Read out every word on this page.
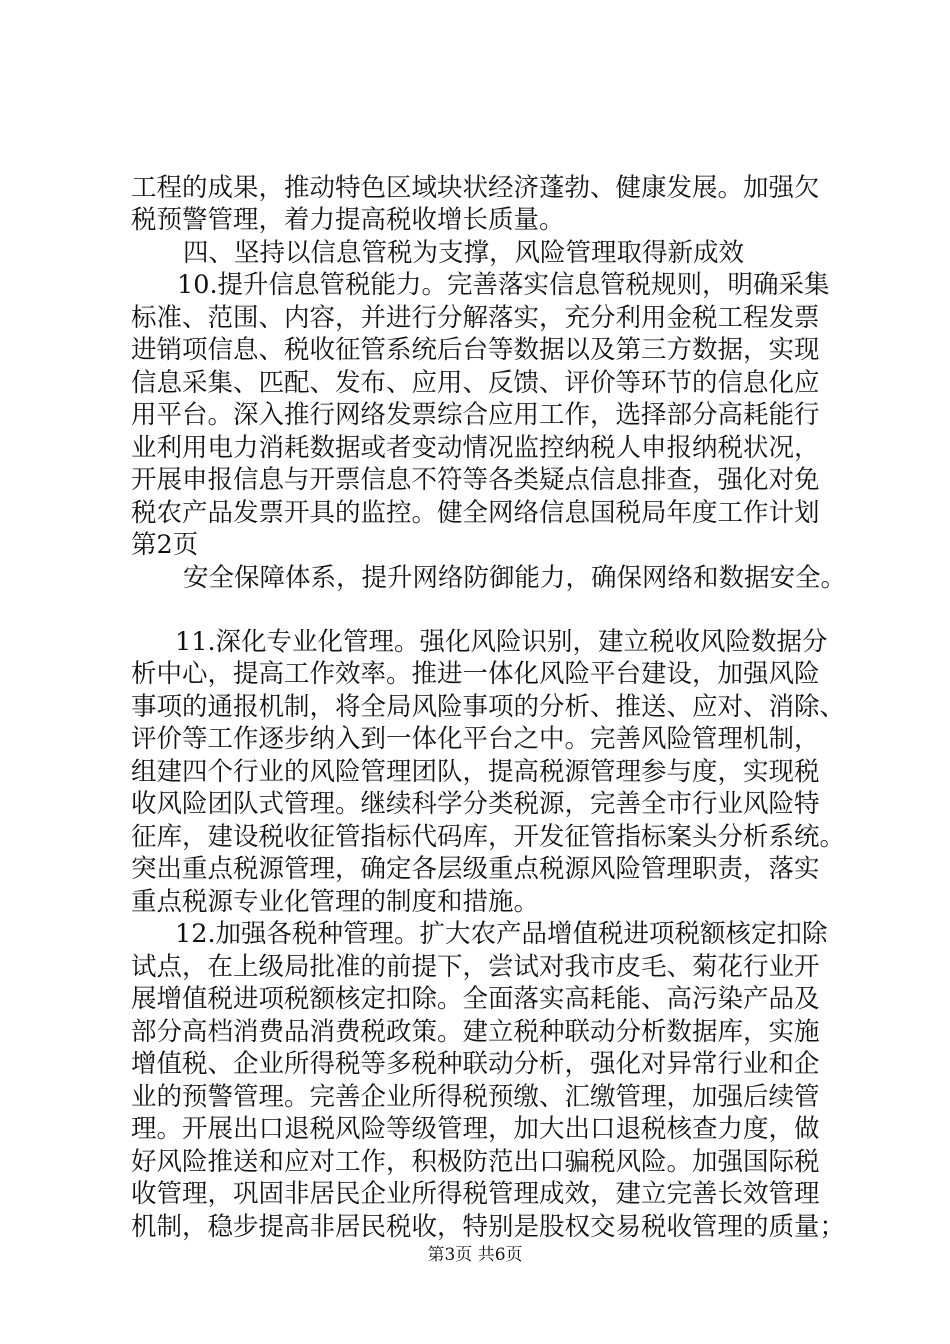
工程的成果，推动特色区域块状经济蓬勃、健康发展。加强欠
税预警管理，着力提高税收增长质量。
四、坚持以信息管税为支撑，风险管理取得新成效
10.提升信息管税能力。完善落实信息管税规则，明确采集
标准、范围、内容，并进行分解落实，充分利用金税工程发票
进销项信息、税收征管系统后台等数据以及第三方数据，实现
信息采集、匹配、发布、应用、反馈、评价等环节的信息化应
用平台。深入推行网络发票综合应用工作，选择部分高耗能行
业利用电力消耗数据或者变动情况监控纳税人申报纳税状况，
开展申报信息与开票信息不符等各类疑点信息排查，强化对免
税农产品发票开具的监控。健全网络信息国税局年度工作计划
第2页
安全保障体系，提升网络防御能力，确保网络和数据安全。
11.深化专业化管理。强化风险识别，建立税收风险数据分
析中心，提高工作效率。推进一体化风险平台建设，加强风险
事项的通报机制，将全局风险事项的分析、推送、应对、消除、
评价等工作逐步纳入到一体化平台之中。完善风险管理机制，
组建四个行业的风险管理团队，提高税源管理参与度，实现税
收风险团队式管理。继续科学分类税源，完善全市行业风险特
征库，建设税收征管指标代码库，开发征管指标案头分析系统。
突出重点税源管理，确定各层级重点税源风险管理职责，落实
重点税源专业化管理的制度和措施。
12.加强各税种管理。扩大农产品增值税进项税额核定扣除
试点，在上级局批准的前提下，尝试对我市皮毛、菊花行业开
展增值税进项税额核定扣除。全面落实高耗能、高污染产品及
部分高档消费品消费税政策。建立税种联动分析数据库，实施
增值税、企业所得税等多税种联动分析，强化对异常行业和企
业的预警管理。完善企业所得税预缴、汇缴管理，加强后续管
理。开展出口退税风险等级管理，加大出口退税核查力度，做
好风险推送和应对工作，积极防范出口骗税风险。加强国际税
收管理，巩固非居民企业所得税管理成效，建立完善长效管理
机制，稳步提高非居民税收，特别是股权交易税收管理的质量；
第3页 共6页
